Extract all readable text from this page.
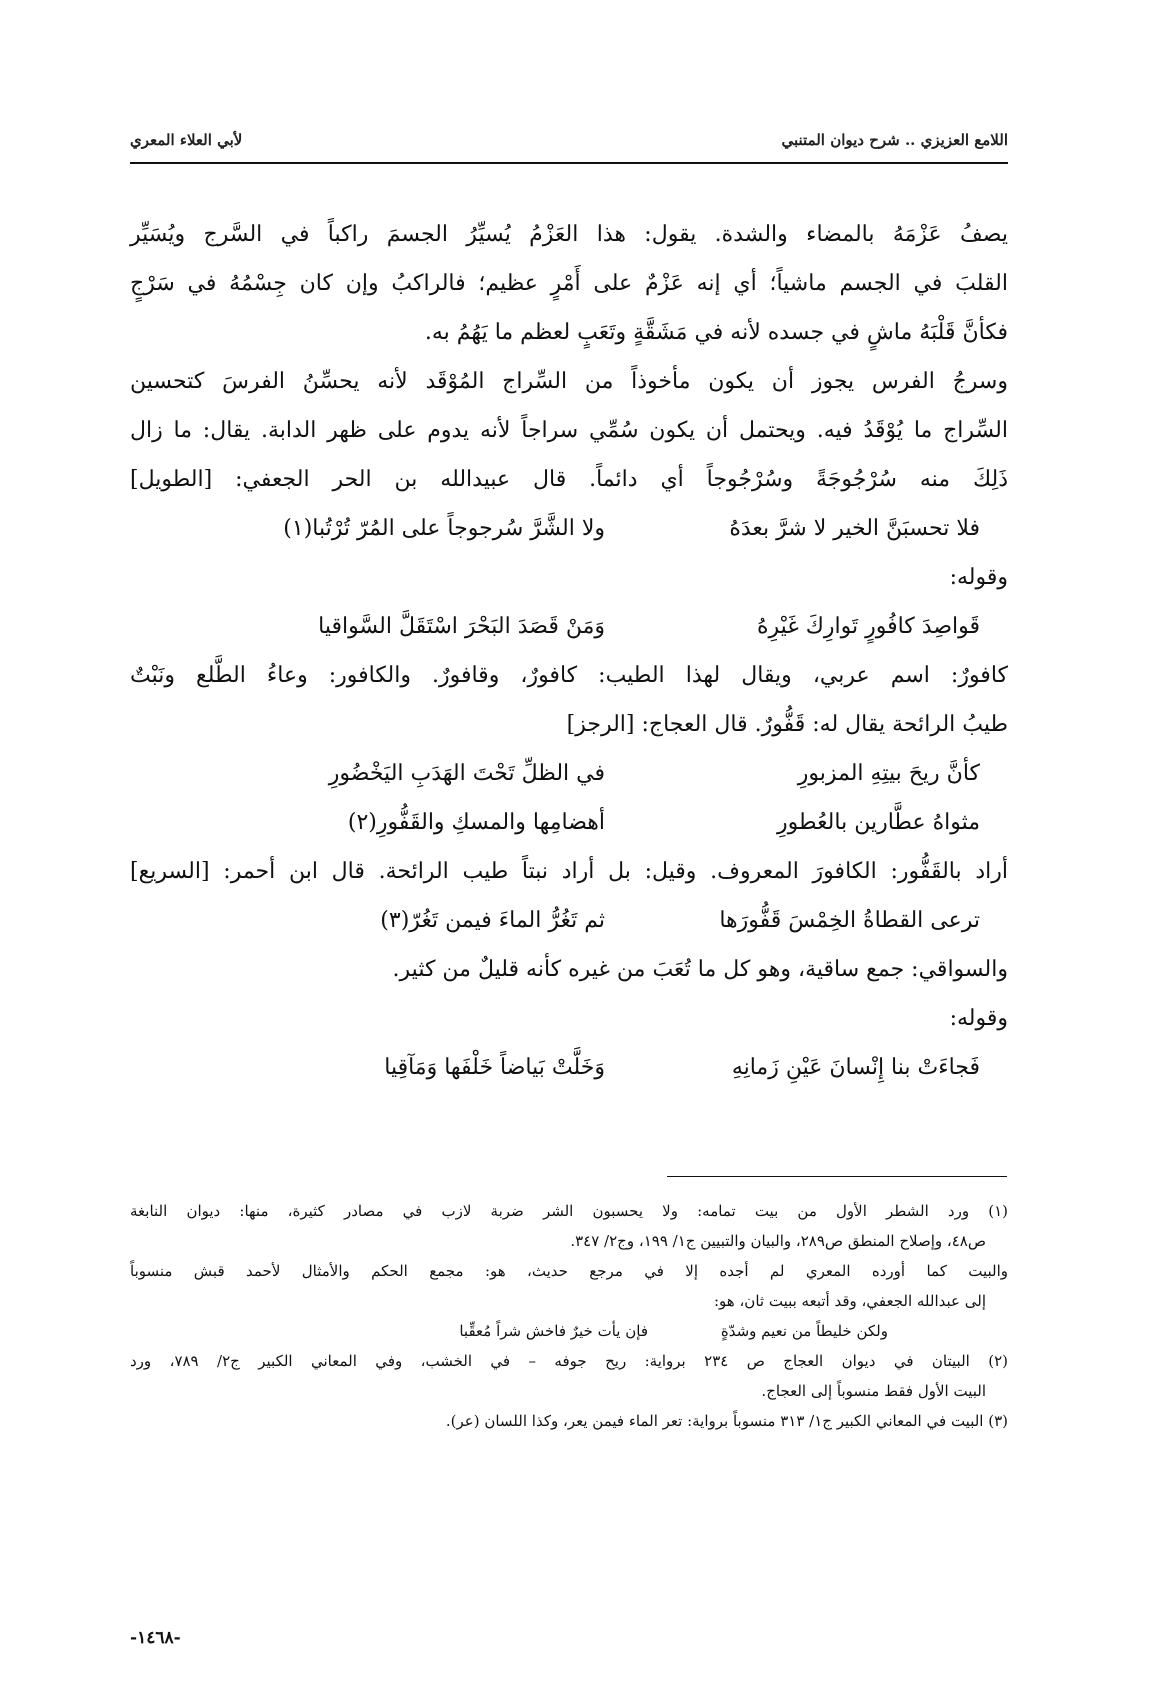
اللامع العزيزي .. شرح ديوان المتنبي
لأبي العلاء المعري
يصفُ عَزْمَهُ بالمضاء والشدة. يقول: هذا العَزْمُ يُسيِّرُ الجسمَ راكباً في السَّرج ويُسَيِّر
القلبَ في الجسم ماشياً؛ أي إنه عَزْمٌ على أَمْرٍ عظيم؛ فالراكبُ وإن كان جِسْمُهُ في سَرْجٍ
فكأنَّ قَلْبَهُ ماشٍ في جسده لأنه في مَشَقَّةٍ وتَعَبٍ لعظم ما يَهُمُ به.
وسرجُ الفرس يجوز أن يكون مأخوذاً من السِّراج المُوْقَد لأنه يحسِّنُ الفرسَ كتحسين
السِّراج ما يُوْقَدُ فيه. ويحتمل أن يكون سُمِّي سراجاً لأنه يدوم على ظهر الدابة. يقال: ما زال
ذَلِكَ منه سُرْجُوجَةً وسُرْجُوجاً أي دائماً. قال عبيدالله بن الحر الجعفي: [الطويل]
فلا تحسبَنَّ الخير لا شرَّ بعدَهُ
ولا الشَّرَّ سُرجوجاً على المُرّ تُرْتُبا(١)
وقوله:
قَواصِدَ كافُورٍ تَوارِكَ غَيْرِهُ
وَمَنْ قَصَدَ البَحْرَ اسْتَقَلَّ السَّواقيا
كافورٌ: اسم عربي، ويقال لهذا الطيب: كافورٌ، وقافورٌ. والكافور: وعاءُ الطَّلع ونَبْتٌ
طيبُ الرائحة يقال له: قَفُّورٌ. قال العجاج: [الرجز]
كأنَّ ريحَ بيتِهِ المزبورِ
في الظلِّ تَحْتَ الهَدَبِ اليَخْضُورِ
مثواهُ عطَّارين بالعُطورِ
أهضامِها والمسكِ والقَفُّورِ(٢)
أراد بالقَفُّور: الكافورَ المعروف. وقيل: بل أراد نبتاً طيب الرائحة. قال ابن أحمر: [السريع]
ترعى القطاةُ الخِمْسَ قَفُّورَها
ثم تَغُرُّ الماءَ فيمن تَغُرّ(٣)
والسواقي: جمع ساقية، وهو كل ما تُعَبَ من غيره كأنه قليلٌ من كثير.
وقوله:
فَجاءَتْ بنا إِنْسانَ عَيْنِ زَمانِهِ
وَخَلَّتْ بَياضاً خَلْفَها وَمَآقِيا
(١) ورد الشطر الأول من بيت تمامه: ولا يحسبون الشر ضربة لازب في مصادر كثيرة، منها: ديوان النابغة
ص٤٨، وإصلاح المنطق ص٢٨٩، والبيان والتبيين ج١/ ١٩٩، وج٢/ ٣٤٧.
والبيت كما أورده المعري لم أجده إلا في مرجع حديث، هو: مجمع الحكم والأمثال لأحمد قبش منسوباً
إلى عبدالله الجعفي، وقد أتبعه ببيت ثان، هو:
ولكن خليطاً من نعيم وشدّةٍ
فإن يأت خيرٌ فاخش شراً مُعقِّبا
(٢) البيتان في ديوان العجاج ص ٢٣٤ برواية: ريح جوفه – في الخشب، وفي المعاني الكبير ج٢/ ٧٨٩، ورد
البيت الأول فقط منسوباً إلى العجاج.
(٣) البيت في المعاني الكبير ج١/ ٣١٣ منسوباً برواية: تعر الماء فيمن يعر، وكذا اللسان (عر).
-١٤٦٨-
